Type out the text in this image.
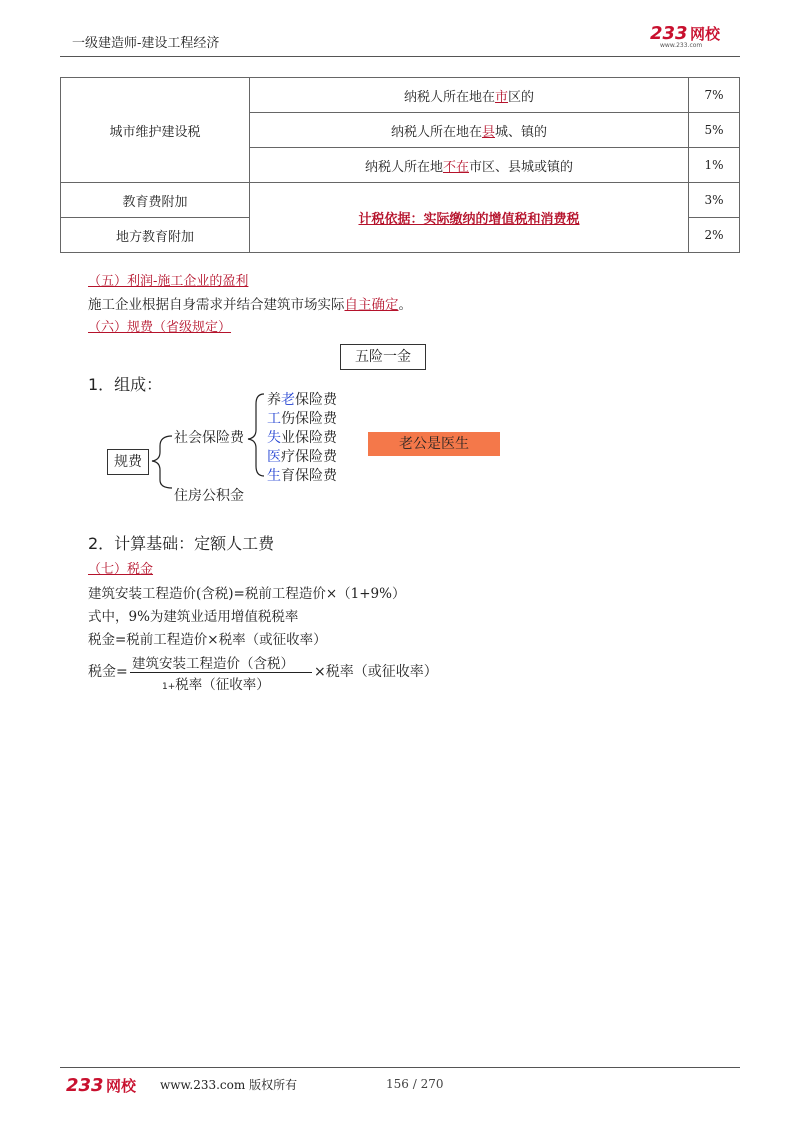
一级建造师-建设工程经济	233 网校
www.233.com
城市维护建设税	纳税人所在地在市区的	7%
	纳税人所在地在县城、镇的	5%
	纳税人所在地不在市区、县城或镇的	1%
教育费附加	计税依据：实际缴纳的增值税和消费税	3%
地方教育附加		2%
（五）利润-施工企业的盈利
施工企业根据自身需求并结合建筑市场实际自主确定。
（六）规费（省级规定）
五险一金
1．组成：
规费
社会保险费
住房公积金
养老保险费
工伤保险费
失业保险费
医疗保险费
生育保险费
老公是医生
2．计算基础：定额人工费
（七）税金
建筑安装工程造价(含税)=税前工程造价×（1+9%）
式中，9%为建筑业适用增值税税率
税金=税前工程造价×税率（或征收率）
税金= 建筑安装工程造价（含税）
1+税率（征收率）
×税率（或征收率）
233 网校 www.233.com 版权所有	156 / 270
